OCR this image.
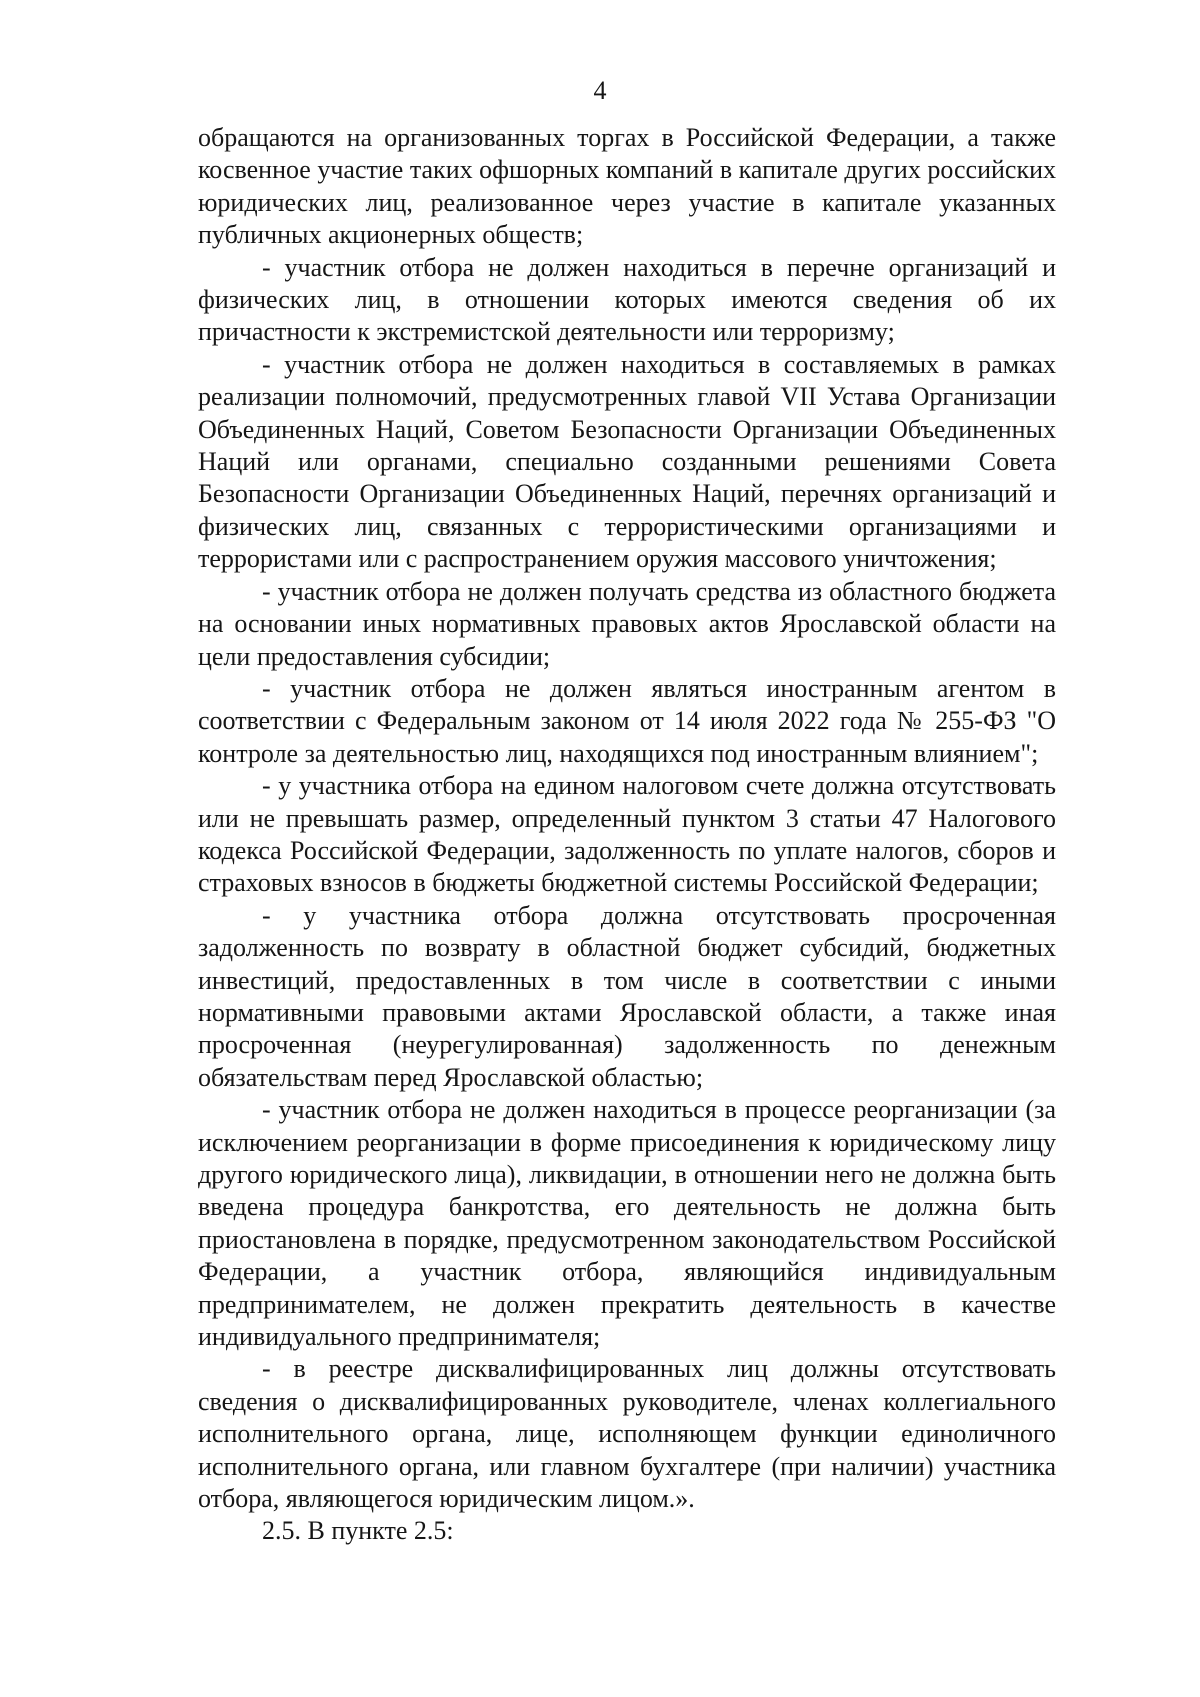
4

обращаются на организованных торгах в Российской Федерации, а также косвенное участие таких офшорных компаний в капитале других российских юридических лиц, реализованное через участие в капитале указанных публичных акционерных обществ;

- участник отбора не должен находиться в перечне организаций и физических лиц, в отношении которых имеются сведения об их причастности к экстремистской деятельности или терроризму;

- участник отбора не должен находиться в составляемых в рамках реализации полномочий, предусмотренных главой VII Устава Организации Объединенных Наций, Советом Безопасности Организации Объединенных Наций или органами, специально созданными решениями Совета Безопасности Организации Объединенных Наций, перечнях организаций и физических лиц, связанных с террористическими организациями и террористами или с распространением оружия массового уничтожения;

- участник отбора не должен получать средства из областного бюджета на основании иных нормативных правовых актов Ярославской области на цели предоставления субсидии;

- участник отбора не должен являться иностранным агентом в соответствии с Федеральным законом от 14 июля 2022 года № 255-ФЗ "О контроле за деятельностью лиц, находящихся под иностранным влиянием";

- у участника отбора на едином налоговом счете должна отсутствовать или не превышать размер, определенный пунктом 3 статьи 47 Налогового кодекса Российской Федерации, задолженность по уплате налогов, сборов и страховых взносов в бюджеты бюджетной системы Российской Федерации;

- у участника отбора должна отсутствовать просроченная задолженность по возврату в областной бюджет субсидий, бюджетных инвестиций, предоставленных в том числе в соответствии с иными нормативными правовыми актами Ярославской области, а также иная просроченная (неурегулированная) задолженность по денежным обязательствам перед Ярославской областью;

- участник отбора не должен находиться в процессе реорганизации (за исключением реорганизации в форме присоединения к юридическому лицу другого юридического лица), ликвидации, в отношении него не должна быть введена процедура банкротства, его деятельность не должна быть приостановлена в порядке, предусмотренном законодательством Российской Федерации, а участник отбора, являющийся индивидуальным предпринимателем, не должен прекратить деятельность в качестве индивидуального предпринимателя;

- в реестре дисквалифицированных лиц должны отсутствовать сведения о дисквалифицированных руководителе, членах коллегиального исполнительного органа, лице, исполняющем функции единоличного исполнительного органа, или главном бухгалтере (при наличии) участника отбора, являющегося юридическим лицом.».

2.5. В пункте 2.5:
